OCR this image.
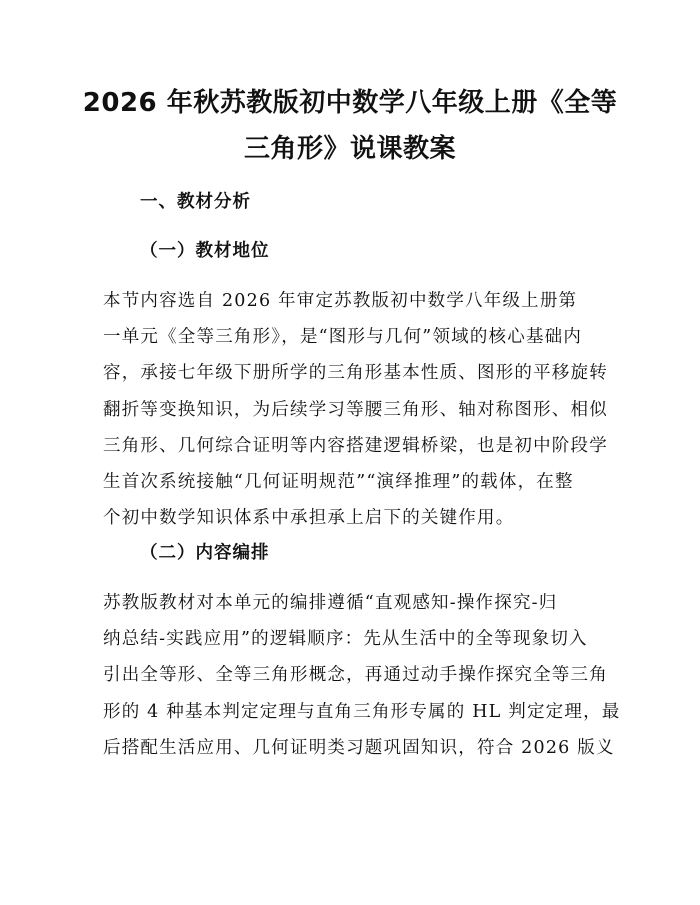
2026 年秋苏教版初中数学八年级上册《全等
三角形》说课教案
一、教材分析
（一）教材地位

本节内容选自 2026 年审定苏教版初中数学八年级上册第
一单元《全等三角形》，是“图形与几何”领域的核心基础内
容，承接七年级下册所学的三角形基本性质、图形的平移旋转
翻折等变换知识，为后续学习等腰三角形、轴对称图形、相似
三角形、几何综合证明等内容搭建逻辑桥梁，也是初中阶段学
生首次系统接触“几何证明规范”“演绎推理”的载体，在整
个初中数学知识体系中承担承上启下的关键作用。

（二）内容编排

苏教版教材对本单元的编排遵循“直观感知-操作探究-归
纳总结-实践应用”的逻辑顺序：先从生活中的全等现象切入
引出全等形、全等三角形概念，再通过动手操作探究全等三角
形的 4 种基本判定定理与直角三角形专属的 HL 判定定理，最
后搭配生活应用、几何证明类习题巩固知识，符合 2026 版义
